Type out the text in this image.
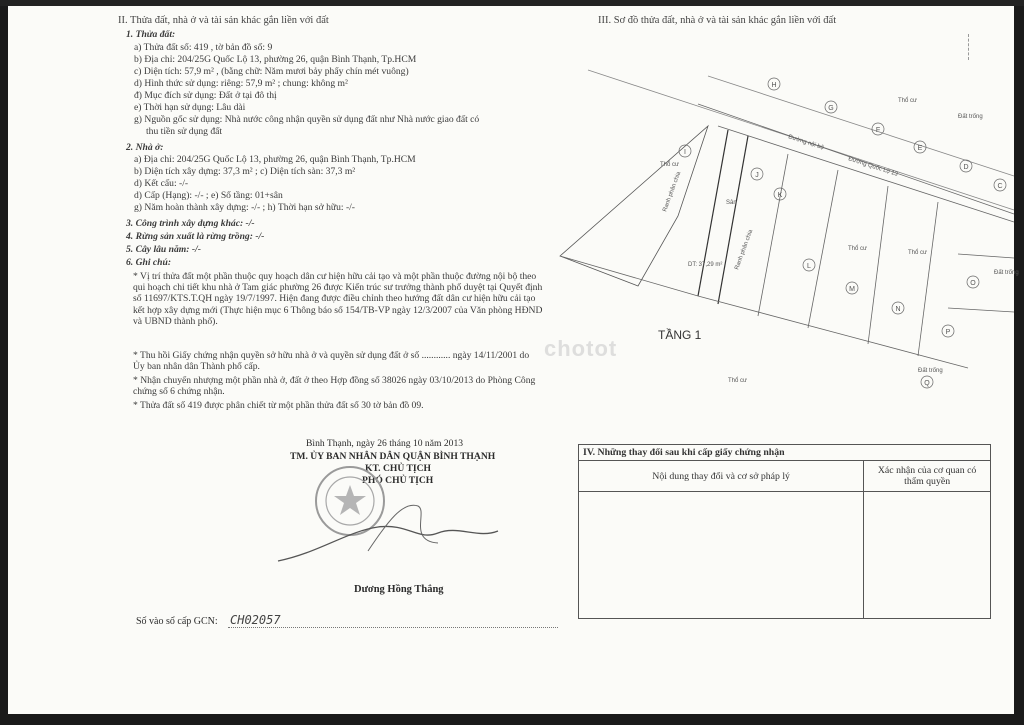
II. Thửa đất, nhà ở và tài sản khác gắn liền với đất
1. Thửa đất:
a) Thửa đất số: 419 , tờ bản đồ số: 9
b) Địa chỉ: 204/25G Quốc Lộ 13, phường 26, quận Bình Thạnh, Tp.HCM
c) Diện tích: 57,9 m² , (bằng chữ: Năm mươi bảy phẩy chín mét vuông)
d) Hình thức sử dụng: riêng: 57,9 m² ; chung: không m²
đ) Mục đích sử dụng: Đất ở tại đô thị
e) Thời hạn sử dụng: Lâu dài
g) Nguồn gốc sử dụng: Nhà nước công nhận quyền sử dụng đất như Nhà nước giao đất có
thu tiền sử dụng đất
2. Nhà ở:
a) Địa chỉ: 204/25G Quốc Lộ 13, phường 26, quận Bình Thạnh, Tp.HCM
b) Diện tích xây dựng: 37,3 m² ; c) Diện tích sàn: 37,3 m²
d) Kết cấu: -/-
d) Cấp (Hạng): -/- ; e) Số tầng: 01+sân
g) Năm hoàn thành xây dựng: -/- ; h) Thời hạn sở hữu: -/-
3. Công trình xây dựng khác: -/-
4. Rừng sản xuất là rừng trồng: -/-
5. Cây lâu năm: -/-
6. Ghi chú:
* Vị trí thửa đất một phần thuộc quy hoạch dân cư hiện hữu cải tạo và một phần thuộc đường nội bộ theo qui hoạch chi tiết khu nhà ở Tam giác phường 26 được Kiến trúc sư trưởng thành phố duyệt tại Quyết định số 11697/KTS.T.QH ngày 19/7/1997. Hiện đang được điều chỉnh theo hướng đất dân cư hiện hữu cải tạo kết hợp xây dựng mới (Thực hiện mục 6 Thông báo số 154/TB-VP ngày 12/3/2007 của Văn phòng HĐND và UBND thành phố).
* Thu hồi Giấy chứng nhận quyền sở hữu nhà ở và quyền sử dụng đất ở số ............ ngày 14/11/2001 do Ủy ban nhân dân Thành phố cấp.
* Nhận chuyển nhượng một phần nhà ở, đất ở theo Hợp đồng số 38026 ngày 03/10/2013 do Phòng Công chứng số 6 chứng nhận.
* Thửa đất số 419 được phân chiết từ một phần thửa đất số 30 tờ bản đồ 09.
Bình Thạnh, ngày 26 tháng 10 năm 2013
TM. ỦY BAN NHÂN DÂN QUẬN BÌNH THẠNH
KT. CHỦ TỊCH
PHÓ CHỦ TỊCH
Dương Hồng Thắng
Số vào sổ cấp GCN: CH02057
III. Sơ đồ thửa đất, nhà ở và tài sản khác gắn liền với đất
Đường nội bộ
Đường Quốc Lộ 13
Ranh phân chia
Ranh phân chia
DT: 37,29 m²
Sân
Thổ cư
Thổ cư
Thổ cư
Thổ cư
Thổ cư
Đất trống
Đất trống
Đất trống
H
G
F
E
D
C
I
J
K
L
M
N
O
P
Q
TẦNG 1
chotot
IV. Những thay đổi sau khi cấp giấy chứng nhận	
Nội dung thay đổi và cơ sở pháp lý	Xác nhận của cơ quan có thẩm quyền
